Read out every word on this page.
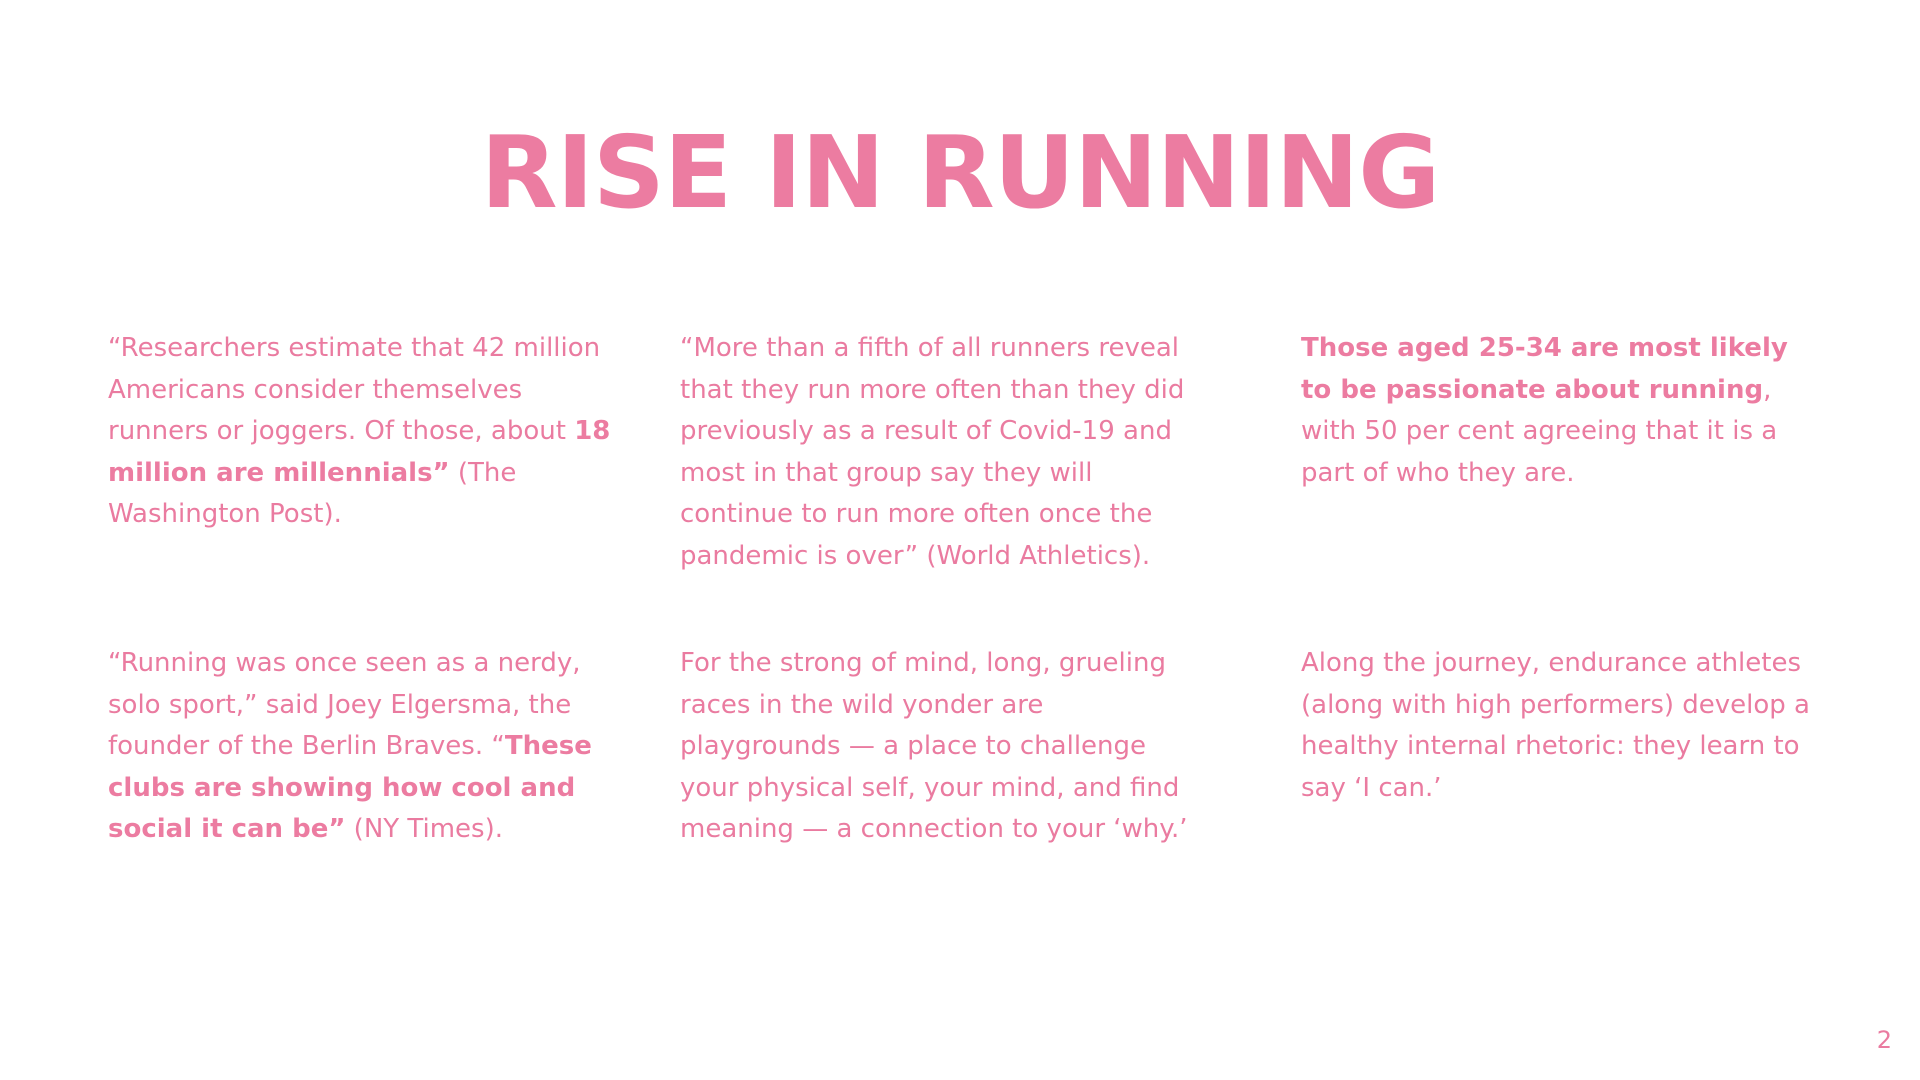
RISE IN RUNNING

“Researchers estimate that 42 million Americans consider themselves runners or joggers. Of those, about 18 million are millennials” (The Washington Post).

“More than a fifth of all runners reveal that they run more often than they did previously as a result of Covid-19 and most in that group say they will continue to run more often once the pandemic is over” (World Athletics).

Those aged 25-34 are most likely to be passionate about running, with 50 per cent agreeing that it is a part of who they are.

“Running was once seen as a nerdy, solo sport,” said Joey Elgersma, the founder of the Berlin Braves. “These clubs are showing how cool and social it can be” (NY Times).

For the strong of mind, long, grueling races in the wild yonder are playgrounds — a place to challenge your physical self, your mind, and find meaning — a connection to your ‘why.’

Along the journey, endurance athletes (along with high performers) develop a healthy internal rhetoric: they learn to say ‘I can.’

2
